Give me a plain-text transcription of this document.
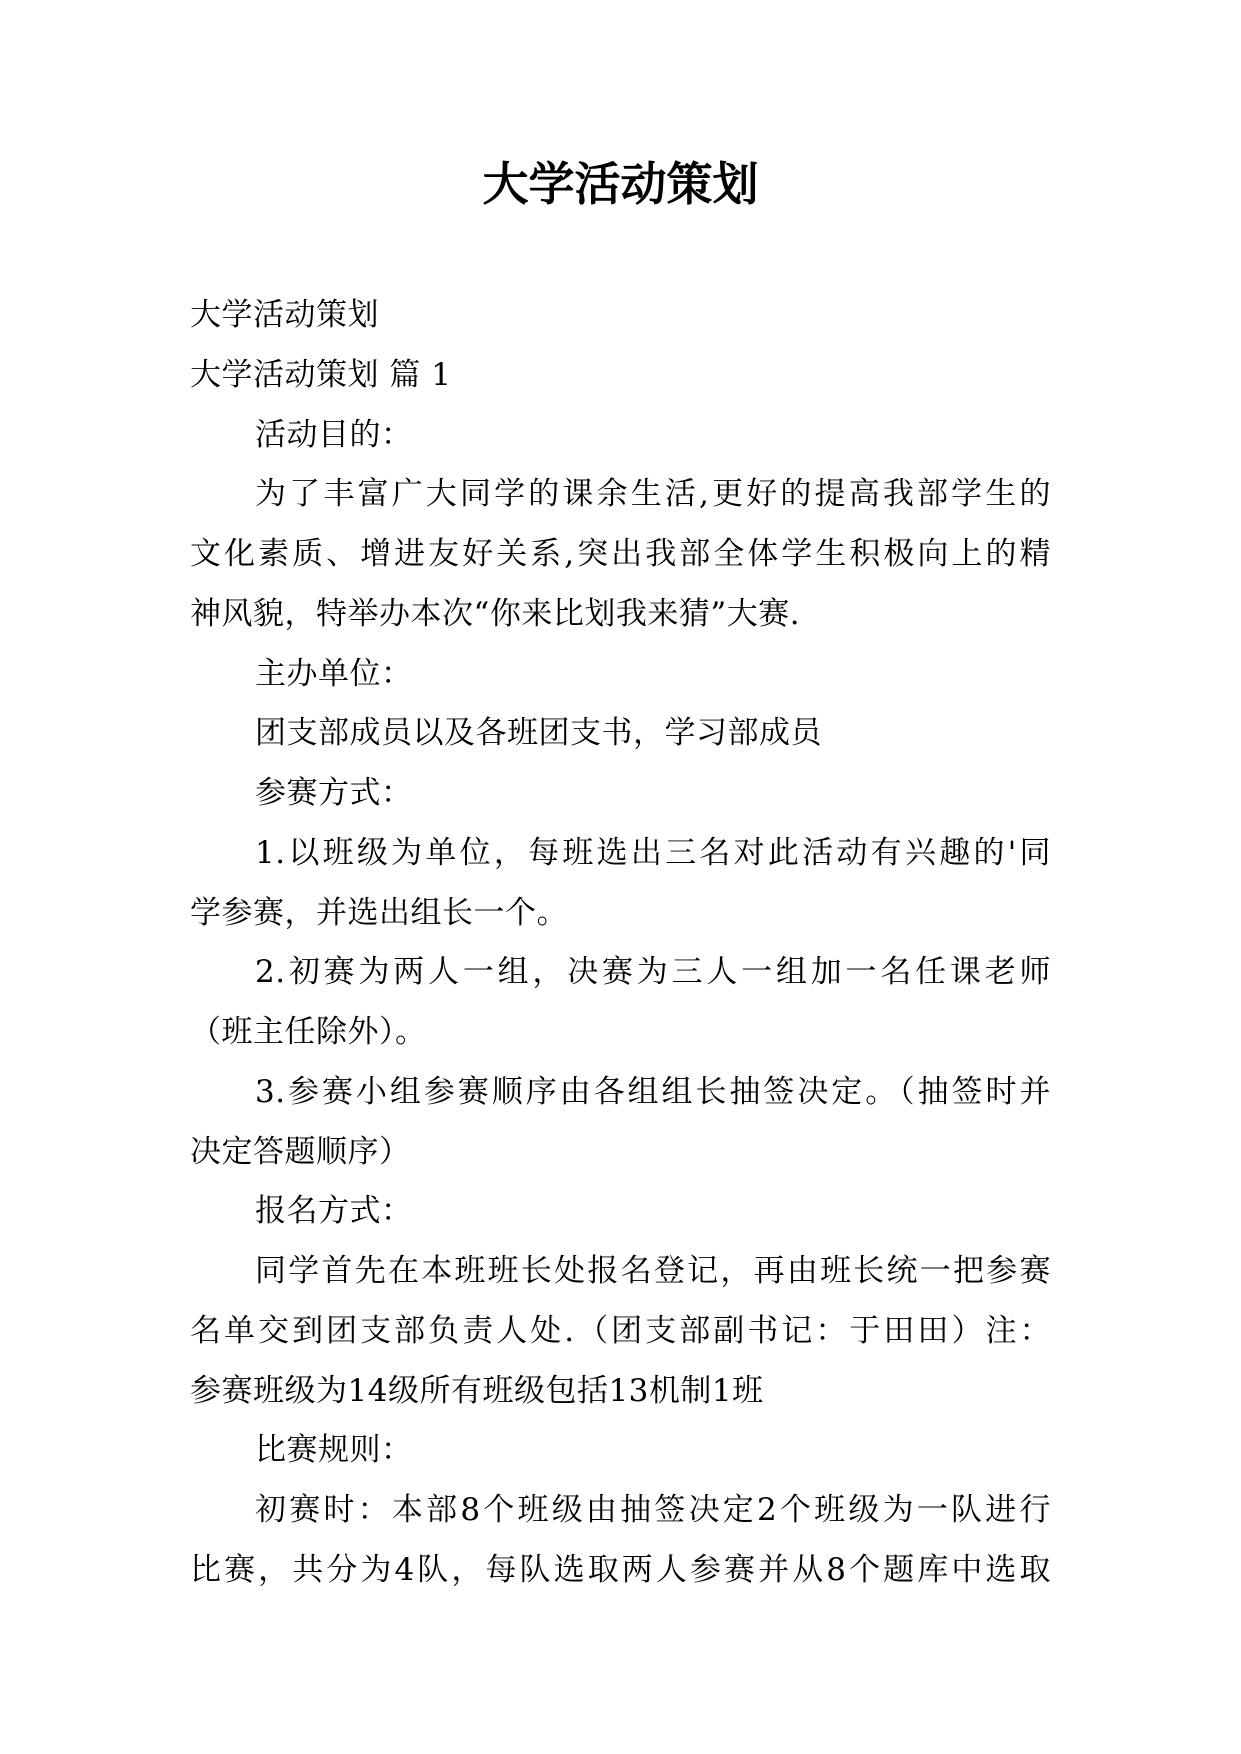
大学活动策划
大学活动策划
大学活动策划 篇 1
活动目的：
为了丰富广大同学的课余生活,更好的提高我部学生的
文化素质、增进友好关系,突出我部全体学生积极向上的精
神风貌，特举办本次“你来比划我来猜”大赛.
主办单位：
团支部成员以及各班团支书，学习部成员
参赛方式：
1.以班级为单位，每班选出三名对此活动有兴趣的'同
学参赛，并选出组长一个。
2.初赛为两人一组，决赛为三人一组加一名任课老师
（班主任除外）。
3.参赛小组参赛顺序由各组组长抽签决定。（抽签时并
决定答题顺序）
报名方式：
同学首先在本班班长处报名登记，再由班长统一把参赛
名单交到团支部负责人处.（团支部副书记：于田田）注：
参赛班级为14级所有班级包括13机制1班
比赛规则：
初赛时：本部8个班级由抽签决定2个班级为一队进行
比赛，共分为4队，每队选取两人参赛并从8个题库中选取
